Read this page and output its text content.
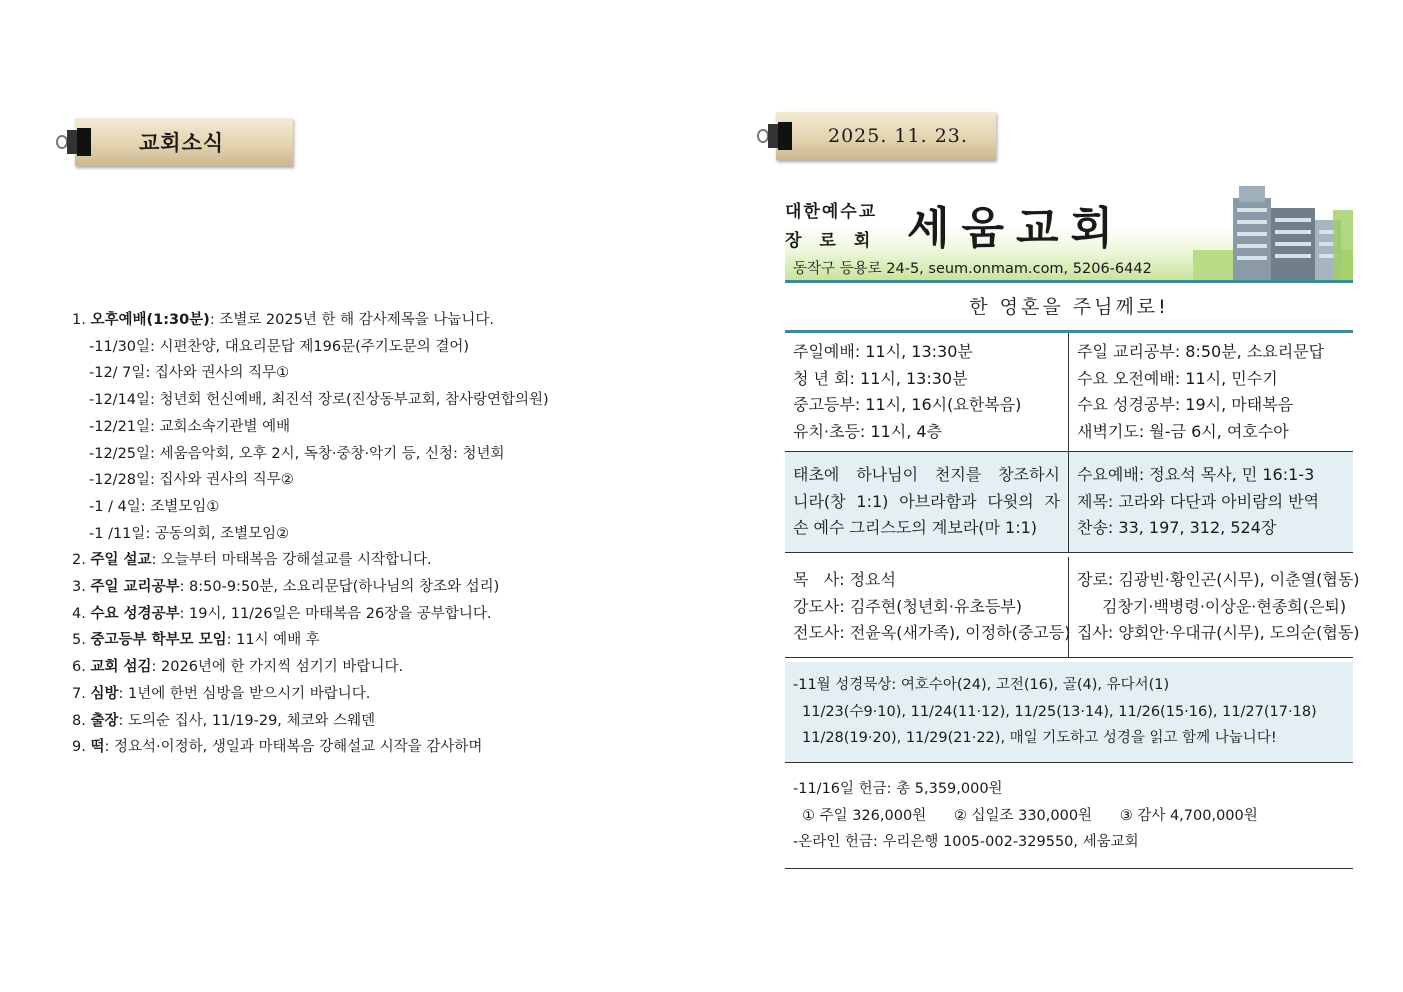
교회소식	2025. 11. 23.
1. 오후예배(1:30분): 조별로 2025년 한 해 감사제목을 나눕니다.
-11/30일: 시편찬양, 대요리문답 제196문(주기도문의 결어)
-12/ 7일: 집사와 권사의 직무①
-12/14일: 청년회 헌신예배, 최진석 장로(진상동부교회, 참사랑연합의원)
-12/21일: 교회소속기관별 예배
-12/25일: 세움음악회, 오후 2시, 독창·중창·악기 등, 신청: 청년회
-12/28일: 집사와 권사의 직무②
-1 / 4일: 조별모임①
-1 /11일: 공동의회, 조별모임②
2. 주일 설교: 오늘부터 마태복음 강해설교를 시작합니다.
3. 주일 교리공부: 8:50-9:50분, 소요리문답(하나님의 창조와 섭리)
4. 수요 성경공부: 19시, 11/26일은 마태복음 26장을 공부합니다.
5. 중고등부 학부모 모임: 11시 예배 후
6. 교회 섬김: 2026년에 한 가지씩 섬기기 바랍니다.
7. 심방: 1년에 한번 심방을 받으시기 바랍니다.
8. 출장: 도의순 집사, 11/19-29, 체코와 스웨덴
9. 떡: 정요석·이정하, 생일과 마태복음 강해설교 시작을 감사하며
대한예수교
장로회 세움교회
동작구 등용로 24-5, seum.onmam.com, 5206-6442
한 영혼을 주님께로!
주일예배: 11시, 13:30분
청 년 회: 11시, 13:30분
중고등부: 11시, 16시(요한복음)
유치·초등: 11시, 4층
주일 교리공부: 8:50분, 소요리문답
수요 오전예배: 11시, 민수기
수요 성경공부: 19시, 마태복음
새벽기도: 월-금 6시, 여호수아
태초에 하나님이 천지를 창조하시
니라(창 1:1) 아브라함과 다윗의 자
손 예수 그리스도의 계보라(마 1:1)
수요예배: 정요석 목사, 민 16:1-3
제목: 고라와 다단과 아비람의 반역
찬송: 33, 197, 312, 524장
목   사: 정요석
강도사: 김주현(청년회·유초등부)
전도사: 전윤옥(새가족), 이정하(중고등)
장로: 김광빈·황인곤(시무), 이춘열(협동)
김창기·백병령·이상운·현종희(은퇴)
집사: 양회안·우대규(시무), 도의순(협동)
-11월 성경묵상: 여호수아(24), 고전(16), 골(4), 유다서(1)
11/23(수9·10), 11/24(11·12), 11/25(13·14), 11/26(15·16), 11/27(17·18)
11/28(19·20), 11/29(21·22), 매일 기도하고 성경을 읽고 함께 나눕니다!
-11/16일 헌금: 총 5,359,000원
① 주일 326,000원      ② 십일조 330,000원      ③ 감사 4,700,000원
-온라인 헌금: 우리은행 1005-002-329550, 세움교회
